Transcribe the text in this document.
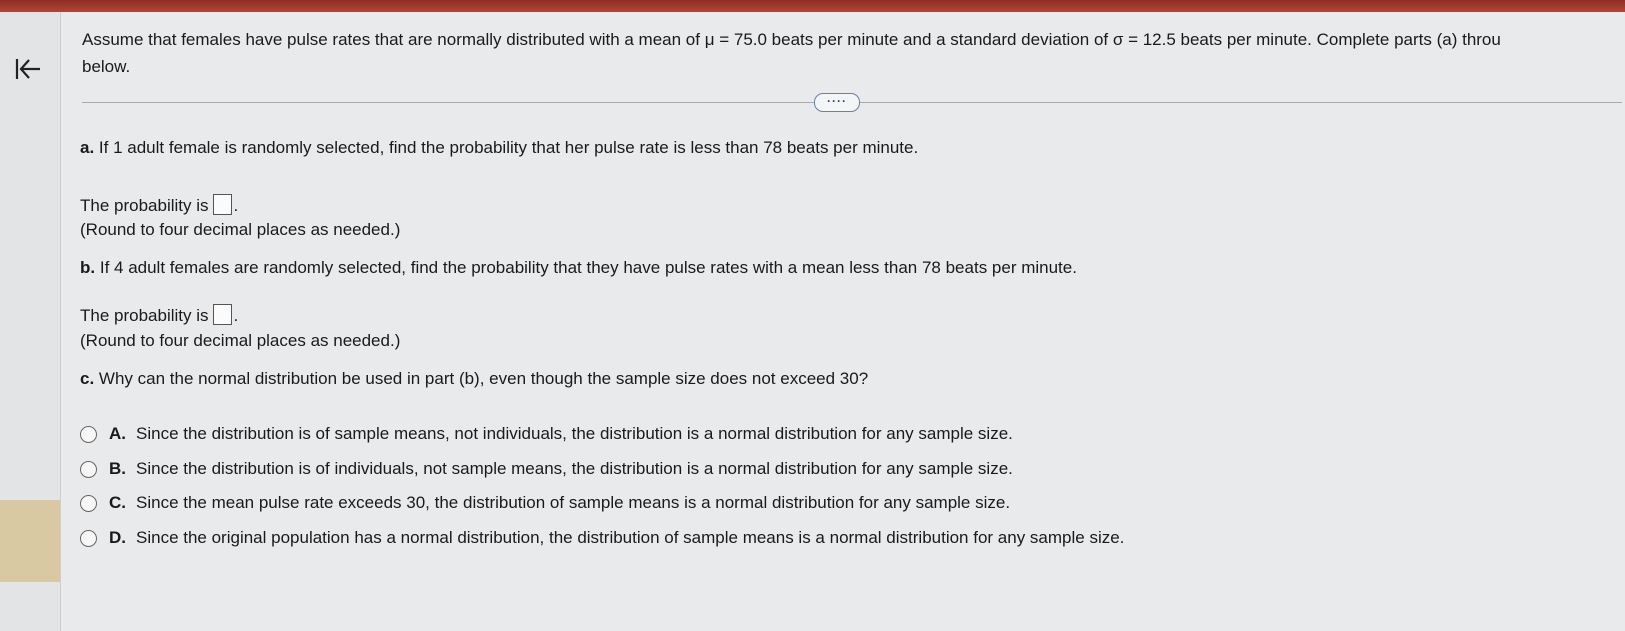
Assume that females have pulse rates that are normally distributed with a mean of μ = 75.0 beats per minute and a standard deviation of σ = 12.5 beats per minute. Complete parts (a) throu
below.
····
a. If 1 adult female is randomly selected, find the probability that her pulse rate is less than 78 beats per minute.
The probability is .
(Round to four decimal places as needed.)
b. If 4 adult females are randomly selected, find the probability that they have pulse rates with a mean less than 78 beats per minute.
The probability is .
(Round to four decimal places as needed.)
c. Why can the normal distribution be used in part (b), even though the sample size does not exceed 30?
A. Since the distribution is of sample means, not individuals, the distribution is a normal distribution for any sample size.
B. Since the distribution is of individuals, not sample means, the distribution is a normal distribution for any sample size.
C. Since the mean pulse rate exceeds 30, the distribution of sample means is a normal distribution for any sample size.
D. Since the original population has a normal distribution, the distribution of sample means is a normal distribution for any sample size.
